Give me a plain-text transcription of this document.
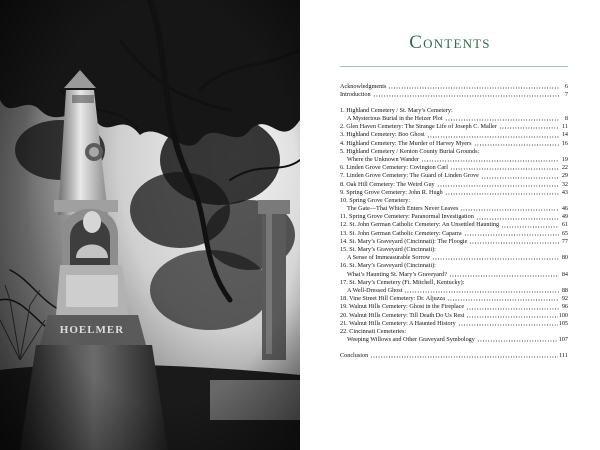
Contents
Acknowledgments	6
Introduction	7
1. Highland Cemetery / St. Mary’s Cemetery:
A Mysterious Burial in the Heizer Plot	8
2. Glen Haven Cemetery: The Strange Life of Joseph C. Maller	11
3. Highland Cemetery: Boo Ghost	14
4. Highland Cemetery: The Murder of Harvey Myers	16
5. Highland Cemetery / Kenton County Burial Grounds:
Where the Unknown Wander	19
6. Linden Grove Cemetery: Covington Carl	22
7. Linden Grove Cemetery: The Guard of Linden Grove	29
8. Oak Hill Cemetery: The Weird Guy	32
9. Spring Grove Cemetery: John R. Hugh	43
10. Spring Grove Cemetery:
The Gate—That Which Enters Never Leaves	46
11. Spring Grove Cemetery: Paranormal Investigation	49
12. St. John German Catholic Cemetery: An Unsettled Haunting	61
13. St. John German Catholic Cemetery: Caparra	65
14. St. Mary’s Graveyard (Cincinnati): The Floogie	77
15. St. Mary’s Graveyard (Cincinnati):
A Sense of Immeasurable Sorrow	80
16. St. Mary’s Graveyard (Cincinnati):
What’s Haunting St. Mary’s Graveyard?	84
17. St. Mary’s Cemetery (Ft. Mitchell, Kentucky):
A Well-Dressed Ghost	88
18. Vine Street Hill Cemetery: Dr. Aljuzza	92
19. Walnut Hills Cemetery: Ghost in the Fireplace	96
20. Walnut Hills Cemetery: Till Death Do Us Rest	100
21. Walnut Hills Cemetery: A Haunted History	105
22. Cincinnati Cemeteries:
Weeping Willows and Other Graveyard Symbology	107
Conclusion	111
